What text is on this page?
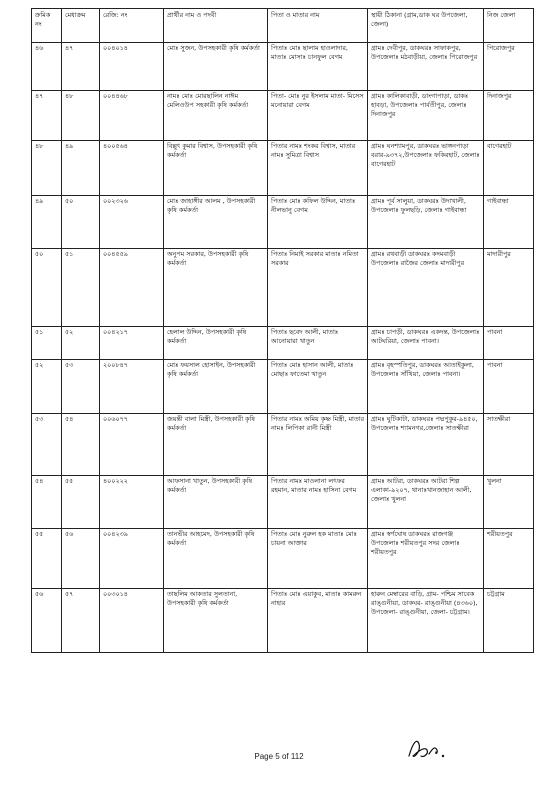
ক্রমিক নং	মেধাক্রম	রেজি: নং	প্রার্থীর নাম ও পদবী	পিতা ও মাতার নাম	স্থায়ী ঠিকানা (গ্রাম,ডাক ঘর উপজেলা, জেলা)	নিজ জেলা
৪৬	৪৭	০০৪০১৪	মোঃ সুজন, উপসহকারী কৃষি কর্মকর্তা	পিতাঃ মোঃ ছালাম হাওলাদার, মাতাঃ মোসাঃ চানফুল বেগম	গ্রামঃ দেবীপুর, ডাকঘরঃ সাফাকপুর, উপজেলাঃ মঠবাড়ীয়া, জেলাঃ পিরোজপুর	পিরোজপুর
৪৭	৪৮	০০৪৪৬৮	নামঃ মোঃ মোরছালিন নাঈম মেলিওউপ সহকারী কৃষি কর্মকর্তা	পিতা- মোঃ নুর ইসলাম মাতা- মিসেস মনোয়ারা বেগম	গ্রামঃ কালিকাবাড়ী, ডাংগাপাড়া, ডাকঃ হাবড়া, উপজেলাঃ পার্বতীপুর, জেলাঃ দিনাজপুর	দিনাজপুর
৪৮	৪৯	৪০০৫৬৪	বিল্লুৎ কুমার বিশ্বাস, উপসহকারী কৃষি কর্মকর্তা	পিতার নামঃ শংকর বিশ্বাস, মাতার নামঃ সুমিত্রা বিশ্বাস	গ্রামঃ ঘনশ্যামপুর, ডাকঘরঃ ভাঙ্গনপাড়া বরার-৯৩৭২,উপজেলাঃ ফকিরহাট, জেলাঃ বাগেরহাট	বাগেরহাট
৪৯	৫০	০০২৩২৬	মোঃ জাহাঙ্গীর আলম , উপসহকারী কৃষি কর্মকর্তা	পিতাঃ মোঃ কফিল উদ্দিন, মাতাঃ নীলভানু বেগম	গ্রামঃ পূর্ব সালুয়া, ডাকঘরঃ উদাখালী, উপজেলাঃ ফুলছড়ি, জেলাঃ গাইবান্ধা	গাইবান্ধা
৫০	৫১	০০৪৫৫৯	অনুপম সরকার, উপসহকারী কৃষি কর্মকর্তা	পিতাঃ নিমাই সরকার মাতাঃ নমিতা সরকার	গ্রামঃ রথবাড়ী ডাকঘরঃ কদমবাড়ী উপজেলাঃ রাজৈর জেলাঃ মাদারীপুর	মাদারীপুর
৫১	৫২	০০৪২১৭	হেলাল উদ্দিন, উপসহকারী কৃষি কর্মকর্তা	পিতাঃ ছবেদ আলী, মাতাঃ আনোয়ারা খাতুন	গ্রামঃ চাপড়ী, ডাকঘরঃ একদন্ত, উপজেলাঃ আটঘরিয়া, জেলাঃ পাবনা।	পাবনা
৫২	৫৩	২০০৮৪৭	মোঃ ফয়সাল হোসাইন, উপসহকারী কৃষি কর্মকর্তা	পিতাঃ মোঃ হাসান আলী, মাতাঃ মোছাঃ ফাতেমা খাতুন	গ্রামঃ বৃহস্পতিপুর, ডাকঘরঃ আতাইকুলা, উপজেলাঃ সাঁথিয়া, জেলাঃ পাবনা।	পাবনা
৫৩	৫৪	০০৬০৭৭	জয়ন্তী বালা মিস্ত্রী, উপসহকারী কৃষি কর্মকর্তা	পিতার নামঃ অমিয় কৃষ্ণ মিস্ত্রী, মাতার নামঃ লিপিকা রানী মিস্ত্রী	গ্রামঃ ঘুটিকাটা, ডাকঘরঃ পদ্মপুকুর-৯৪৫০, উপজেলাঃ শ্যামনগর,জেলাঃ সাতক্ষীরা	সাতক্ষীরা
৫৪	৫৫	৪০০২২২	আফসানা খাতুন, উপসহকারী কৃষি কর্মকর্তা	পিতার নামঃ মাওলানা লৎফর রহমান, মাতার নামঃ হাসিনা বেগম	গ্রামঃ আটরা, ডাকঘরঃ আটরা শিল্প এলাকা-৯২০৭, থানাঃখানজাহান আলী, জেলাঃ খুলনা	খুলনা
৫৫	৫৬	০০৪২৩৯	তানভীর আহমেদ, উপসহকারী কৃষি কর্মকর্তা	পিতাঃ মোঃ নুরুল হক মাতাঃ মোঃ চায়না আক্তার	গ্রামঃ স্বর্ণঘোষ ডাকঘরঃ রাজগঞ্জ উপজেলাঃ শরীয়তপুর সদর জেলাঃ শরীয়তপুর	শরীয়তপুর
৫৬	৫৭	০০৩০১৪	তাছলিম আকতার সুলতানা, উপসহকারী কৃষি কর্মকর্তা	পিতাঃ মোঃ এয়াকুব, মাতাঃ কামরুন নাহার	হারুন মেম্বারের বাড়ি, গ্রাম- পশ্চিম সাবেক রাঙ্গুনীয়া, ডাকঘর- রাঙ্গুনীয়া (৪৩৬০), উপজেলা- রাঙ্গুনীয়া, জেলা- চট্টগ্রাম।	চট্টগ্রাম
Page 5 of 112
